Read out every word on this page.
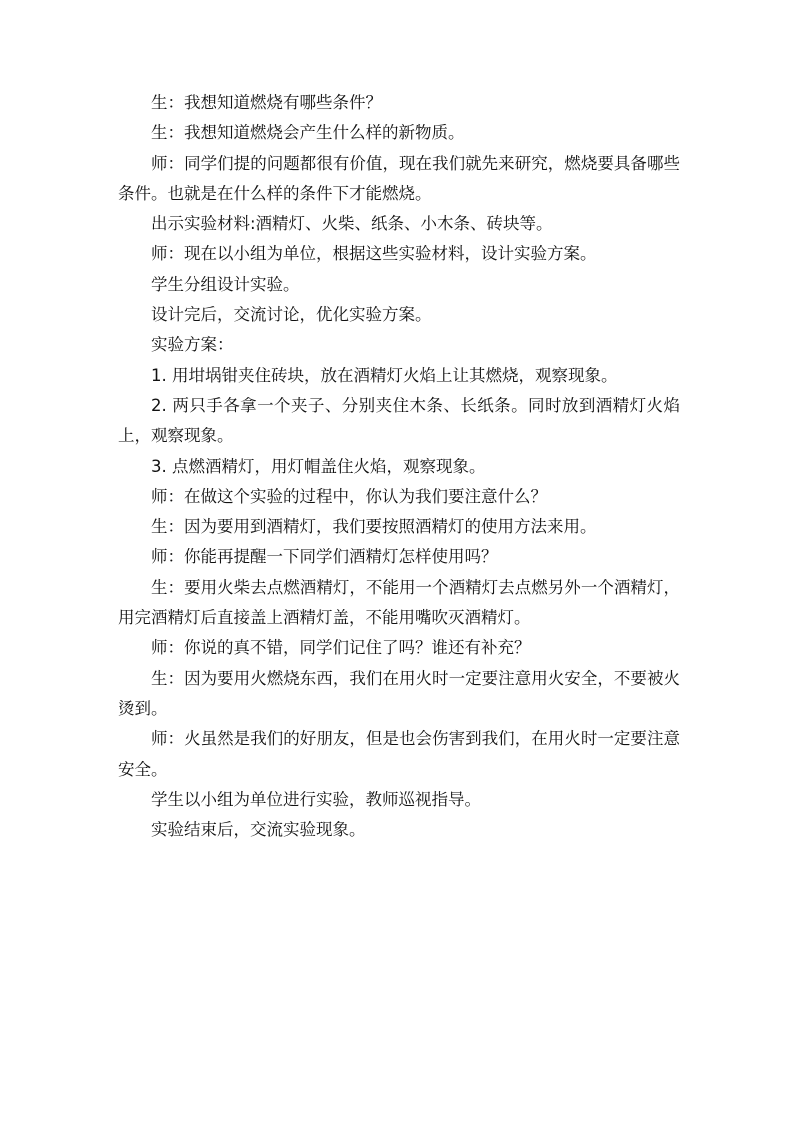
生：我想知道燃烧有哪些条件？

生：我想知道燃烧会产生什么样的新物质。

师：同学们提的问题都很有价值，现在我们就先来研究，燃烧要具备哪些条件。也就是在什么样的条件下才能燃烧。

出示实验材料:酒精灯、火柴、纸条、小木条、砖块等。

师：现在以小组为单位，根据这些实验材料，设计实验方案。

学生分组设计实验。

设计完后，交流讨论，优化实验方案。

实验方案：

1. 用坩埚钳夹住砖块，放在酒精灯火焰上让其燃烧，观察现象。

2. 两只手各拿一个夹子、分别夹住木条、长纸条。同时放到酒精灯火焰上，观察现象。

3. 点燃酒精灯，用灯帽盖住火焰，观察现象。

师：在做这个实验的过程中，你认为我们要注意什么？

生：因为要用到酒精灯，我们要按照酒精灯的使用方法来用。

师：你能再提醒一下同学们酒精灯怎样使用吗？

生：要用火柴去点燃酒精灯，不能用一个酒精灯去点燃另外一个酒精灯，用完酒精灯后直接盖上酒精灯盖，不能用嘴吹灭酒精灯。

师：你说的真不错，同学们记住了吗？谁还有补充？

生：因为要用火燃烧东西，我们在用火时一定要注意用火安全，不要被火烫到。

师：火虽然是我们的好朋友，但是也会伤害到我们，在用火时一定要注意安全。

学生以小组为单位进行实验，教师巡视指导。

实验结束后，交流实验现象。
